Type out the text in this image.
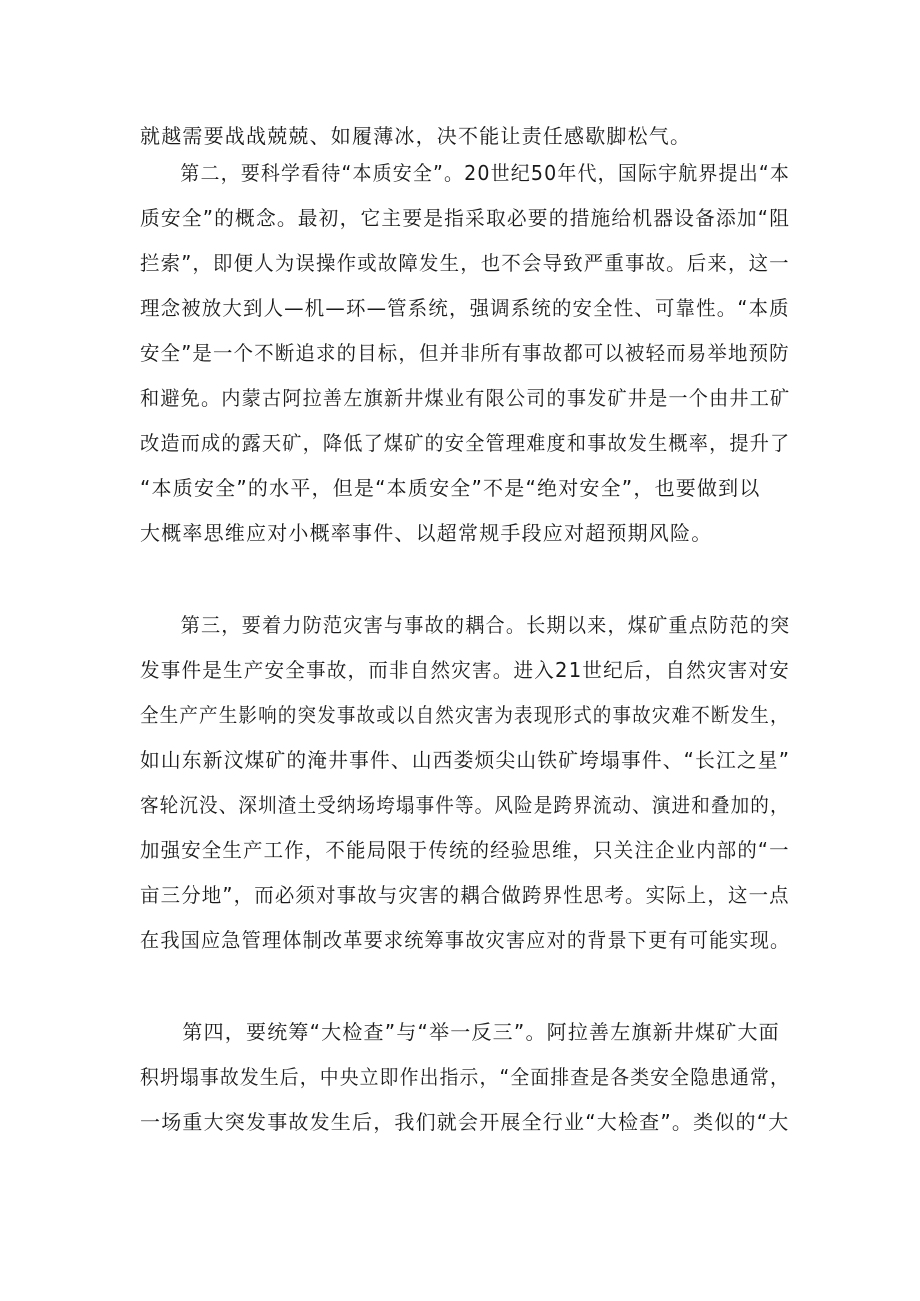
就越需要战战兢兢、如履薄冰，决不能让责任感歇脚松气。
　　第二，要科学看待“本质安全”。20世纪50年代，国际宇航界提出“本
质安全”的概念。最初，它主要是指采取必要的措施给机器设备添加“阻
拦索”，即便人为误操作或故障发生，也不会导致严重事故。后来，这一
理念被放大到人—机—环—管系统，强调系统的安全性、可靠性。“本质
安全”是一个不断追求的目标，但并非所有事故都可以被轻而易举地预防
和避免。内蒙古阿拉善左旗新井煤业有限公司的事发矿井是一个由井工矿
改造而成的露天矿，降低了煤矿的安全管理难度和事故发生概率，提升了
“本质安全”的水平，但是“本质安全”不是“绝对安全”，也要做到以
大概率思维应对小概率事件、以超常规手段应对超预期风险。
　　第三，要着力防范灾害与事故的耦合。长期以来，煤矿重点防范的突
发事件是生产安全事故，而非自然灾害。进入21世纪后，自然灾害对安
全生产产生影响的突发事故或以自然灾害为表现形式的事故灾难不断发生，
如山东新汶煤矿的淹井事件、山西娄烦尖山铁矿垮塌事件、“长江之星”
客轮沉没、深圳渣土受纳场垮塌事件等。风险是跨界流动、演进和叠加的，
加强安全生产工作，不能局限于传统的经验思维，只关注企业内部的“一
亩三分地”，而必须对事故与灾害的耦合做跨界性思考。实际上，这一点
在我国应急管理体制改革要求统筹事故灾害应对的背景下更有可能实现。
　　第四，要统筹“大检查”与“举一反三”。阿拉善左旗新井煤矿大面
积坍塌事故发生后，中央立即作出指示，“全面排查是各类安全隐患通常，
一场重大突发事故发生后，我们就会开展全行业“大检查”。类似的“大
